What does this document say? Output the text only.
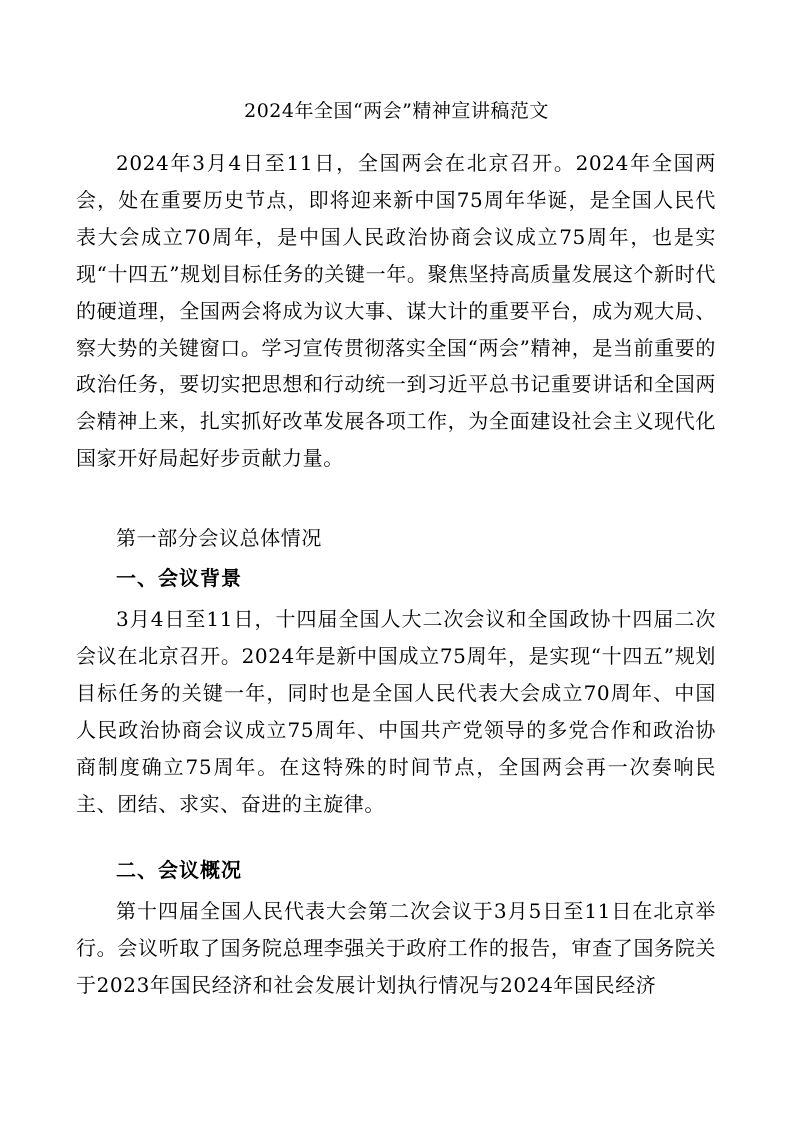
2024年全国“两会”精神宣讲稿范文

2024年3月4日至11日，全国两会在北京召开。2024年全国两会，处在重要历史节点，即将迎来新中国75周年华诞，是全国人民代表大会成立70周年，是中国人民政治协商会议成立75周年，也是实现“十四五”规划目标任务的关键一年。聚焦坚持高质量发展这个新时代的硬道理，全国两会将成为议大事、谋大计的重要平台，成为观大局、察大势的关键窗口。学习宣传贯彻落实全国“两会”精神，是当前重要的政治任务，要切实把思想和行动统一到习近平总书记重要讲话和全国两会精神上来，扎实抓好改革发展各项工作，为全面建设社会主义现代化国家开好局起好步贡献力量。

第一部分会议总体情况

一、会议背景

3月4日至11日，十四届全国人大二次会议和全国政协十四届二次会议在北京召开。2024年是新中国成立75周年，是实现“十四五”规划目标任务的关键一年，同时也是全国人民代表大会成立70周年、中国人民政治协商会议成立75周年、中国共产党领导的多党合作和政治协商制度确立75周年。在这特殊的时间节点，全国两会再一次奏响民主、团结、求实、奋进的主旋律。

二、会议概况

第十四届全国人民代表大会第二次会议于3月5日至11日在北京举行。会议听取了国务院总理李强关于政府工作的报告，审查了国务院关于2023年国民经济和社会发展计划执行情况与2024年国民经济
